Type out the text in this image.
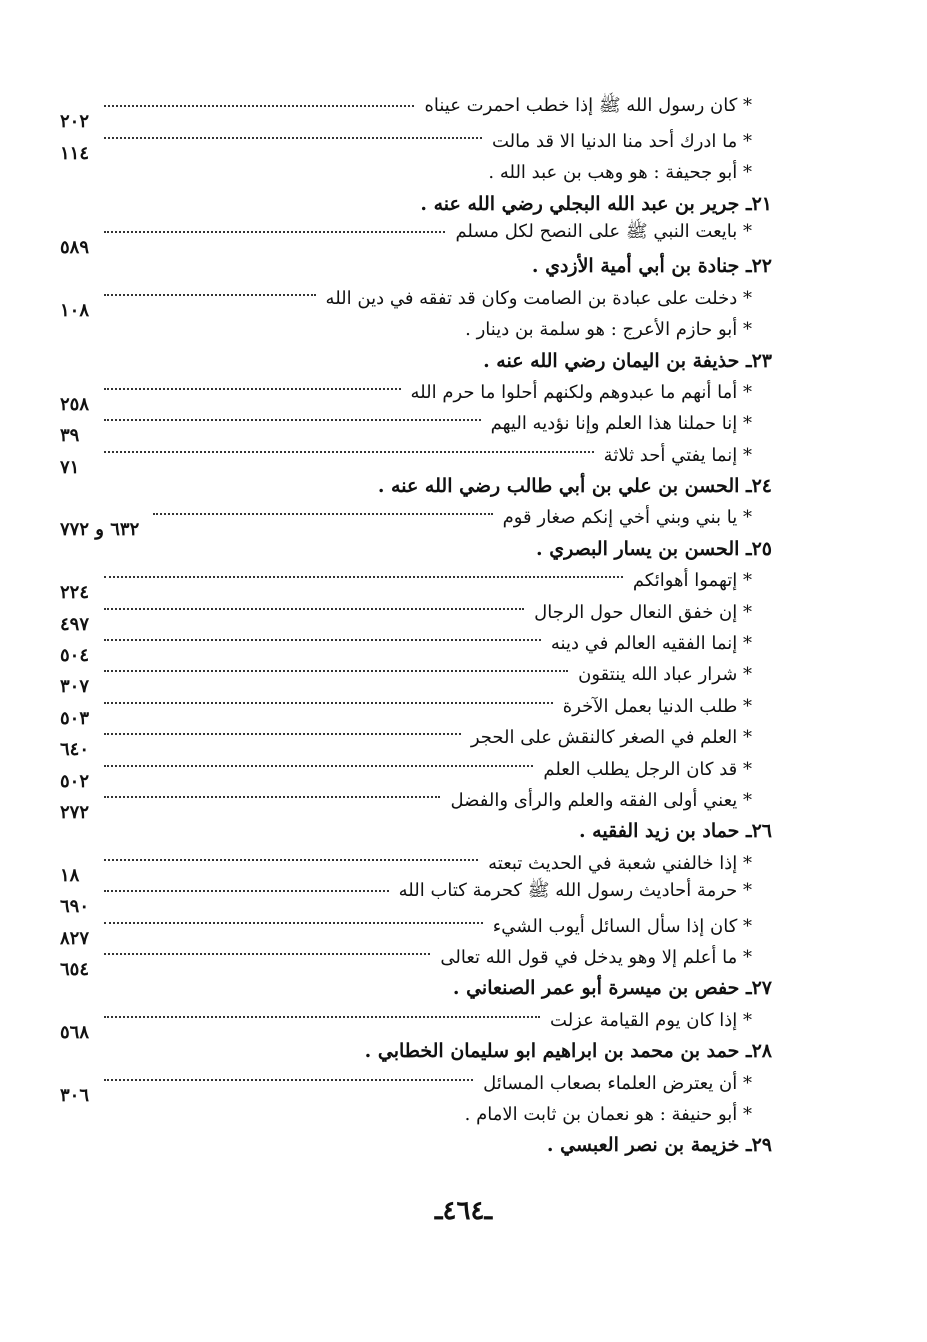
* كان رسول الله ﷺ إذا خطب احمرت عيناه
٢٠٢
* ما ادرك أحد منا الدنيا الا قد مالت
١١٤
* أبو جحيفة : هو وهب بن عبد الله .
٢١ـ جرير بن عبد الله البجلي رضي الله عنه .
* بايعت النبي ﷺ على النصح لكل مسلم
٥٨٩
٢٢ـ جنادة بن أبي أمية الأزدي .
* دخلت على عبادة بن الصامت وكان قد تفقه في دين الله
١٠٨
* أبو حازم الأعرج : هو سلمة بن دينار .
٢٣ـ حذيفة بن اليمان رضي الله عنه .
* أما أنهم ما عبدوهم ولكنهم أحلوا ما حرم الله
٢٥٨
* إنا حملنا هذا العلم وإنا نؤديه اليهم
٣٩
* إنما يفتي أحد ثلاثة
٧١
٢٤ـ الحسن بن علي بن أبي طالب رضي الله عنه .
* يا بني وبني أخي إنكم صغار قوم
٦٣٢ و ٧٧٢
٢٥ـ الحسن بن يسار البصري .
* إتهموا أهوائكم
٢٢٤
* إن خفق النعال حول الرجال
٤٩٧
* إنما الفقيه العالم في دينه
٥٠٤
* شرار عباد الله ينتقون
٣٠٧
* طلب الدنيا بعمل الآخرة
٥٠٣
* العلم في الصغر كالنقش على الحجر
٦٤٠
* قد كان الرجل يطلب العلم
٥٠٢
* يعني أولى الفقه والعلم والرأى والفضل
٢٧٢
٢٦ـ حماد بن زيد الفقيه .
* إذا خالفني شعبة في الحديث تبعته
١٨
* حرمة أحاديث رسول الله ﷺ كحرمة كتاب الله
٦٩٠
* كان إذا سأل السائل أيوب الشيء
٨٢٧
* ما أعلم إلا وهو يدخل في قول الله تعالى
٦٥٤
٢٧ـ حفص بن ميسرة أبو عمر الصنعاني .
* إذا كان يوم القيامة عزلت
٥٦٨
٢٨ـ حمد بن محمد بن ابراهيم ابو سليمان الخطابي .
* أن يعترض العلماء بصعاب المسائل
٣٠٦
* أبو حنيفة : هو نعمان بن ثابت الامام .
٢٩ـ خزيمة بن نصر العبسي .
ـ٤٦٤ـ
